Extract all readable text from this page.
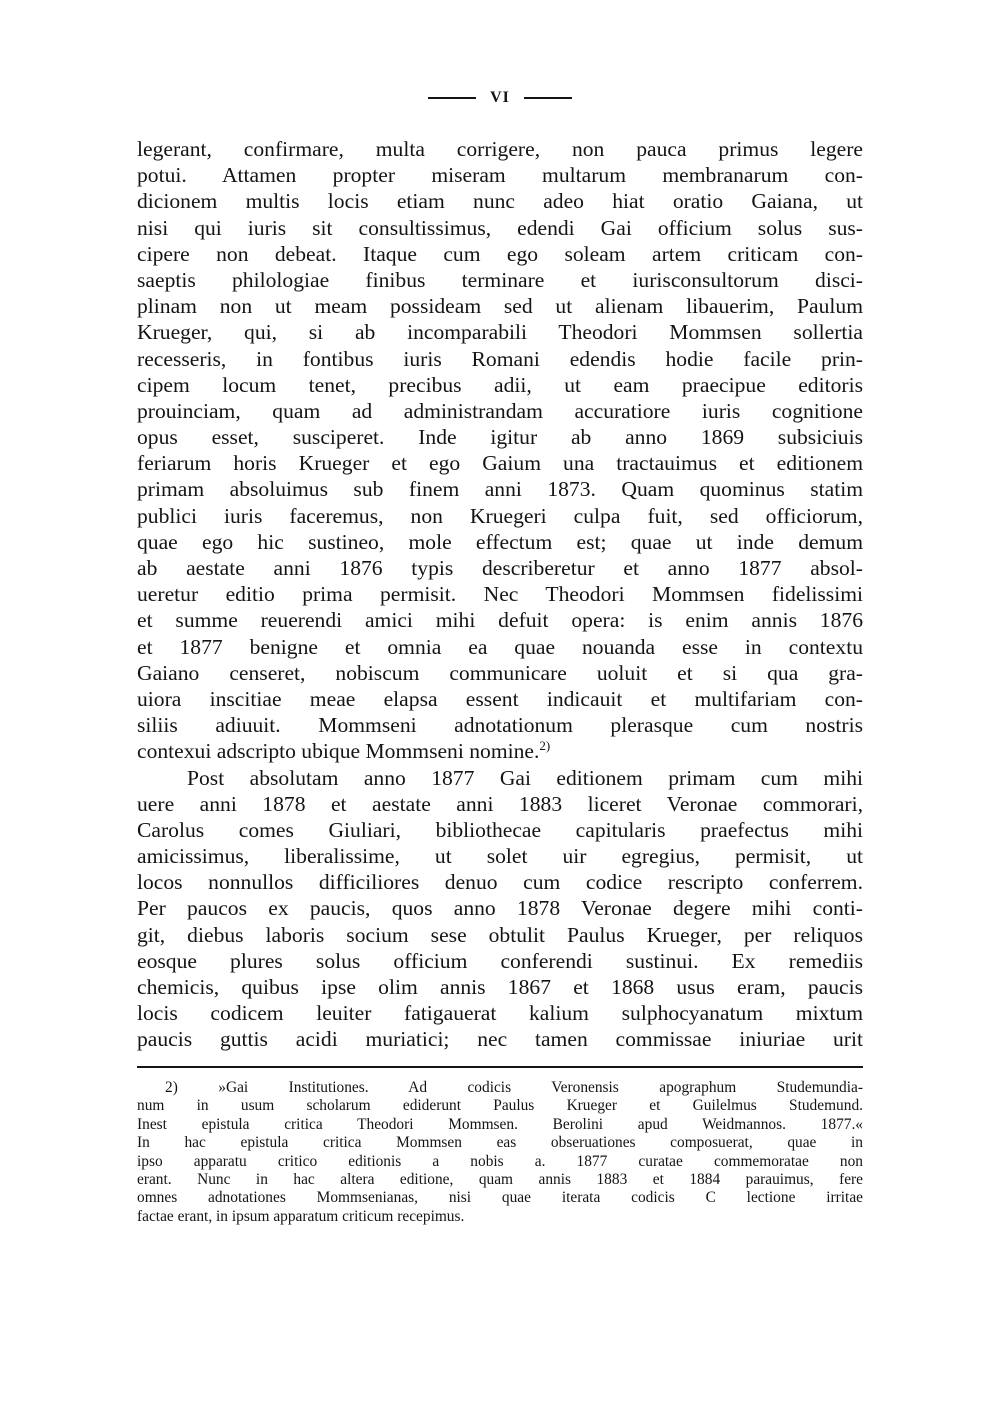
VI
legerant, confirmare, multa corrigere, non pauca primus legere
potui. Attamen propter miseram multarum membranarum con-
dicionem multis locis etiam nunc adeo hiat oratio Gaiana, ut
nisi qui iuris sit consultissimus, edendi Gai officium solus sus-
cipere non debeat. Itaque cum ego soleam artem criticam con-
saeptis philologiae finibus terminare et iurisconsultorum disci-
plinam non ut meam possideam sed ut alienam libauerim, Paulum
Krueger, qui, si ab incomparabili Theodori Mommsen sollertia
recesseris, in fontibus iuris Romani edendis hodie facile prin-
cipem locum tenet, precibus adii, ut eam praecipue editoris
prouinciam, quam ad administrandam accuratiore iuris cognitione
opus esset, susciperet. Inde igitur ab anno 1869 subsiciuis
feriarum horis Krueger et ego Gaium una tractauimus et editionem
primam absoluimus sub finem anni 1873. Quam quominus statim
publici iuris faceremus, non Kruegeri culpa fuit, sed officiorum,
quae ego hic sustineo, mole effectum est; quae ut inde demum
ab aestate anni 1876 typis describeretur et anno 1877 absol-
ueretur editio prima permisit. Nec Theodori Mommsen fidelissimi
et summe reuerendi amici mihi defuit opera: is enim annis 1876
et 1877 benigne et omnia ea quae nouanda esse in contextu
Gaiano censeret, nobiscum communicare uoluit et si qua gra-
uiora inscitiae meae elapsa essent indicauit et multifariam con-
siliis adiuuit. Mommseni adnotationum plerasque cum nostris
contexui adscripto ubique Mommseni nomine.$^{2)}$
Post absolutam anno 1877 Gai editionem primam cum mihi
uere anni 1878 et aestate anni 1883 liceret Veronae commorari,
Carolus comes Giuliari, bibliothecae capitularis praefectus mihi
amicissimus, liberalissime, ut solet uir egregius, permisit, ut
locos nonnullos difficiliores denuo cum codice rescripto conferrem.
Per paucos ex paucis, quos anno 1878 Veronae degere mihi conti-
git, diebus laboris socium sese obtulit Paulus Krueger, per reliquos
eosque plures solus officium conferendi sustinui. Ex remediis
chemicis, quibus ipse olim annis 1867 et 1868 usus eram, paucis
locis codicem leuiter fatigauerat kalium sulphocyanatum mixtum
paucis guttis acidi muriatici; nec tamen commissae iniuriae urit
2) »Gai Institutiones. Ad codicis Veronensis apographum Studemundia-
num in usum scholarum ediderunt Paulus Krueger et Guilelmus Studemund.
Inest epistula critica Theodori Mommsen. Berolini apud Weidmannos. 1877.«
In hac epistula critica Mommsen eas obseruationes composuerat, quae in
ipso apparatu critico editionis a nobis a. 1877 curatae commemoratae non
erant. Nunc in hac altera editione, quam annis 1883 et 1884 parauimus, fere
omnes adnotationes Mommsenianas, nisi quae iterata codicis C lectione irritae
factae erant, in ipsum apparatum criticum recepimus.
